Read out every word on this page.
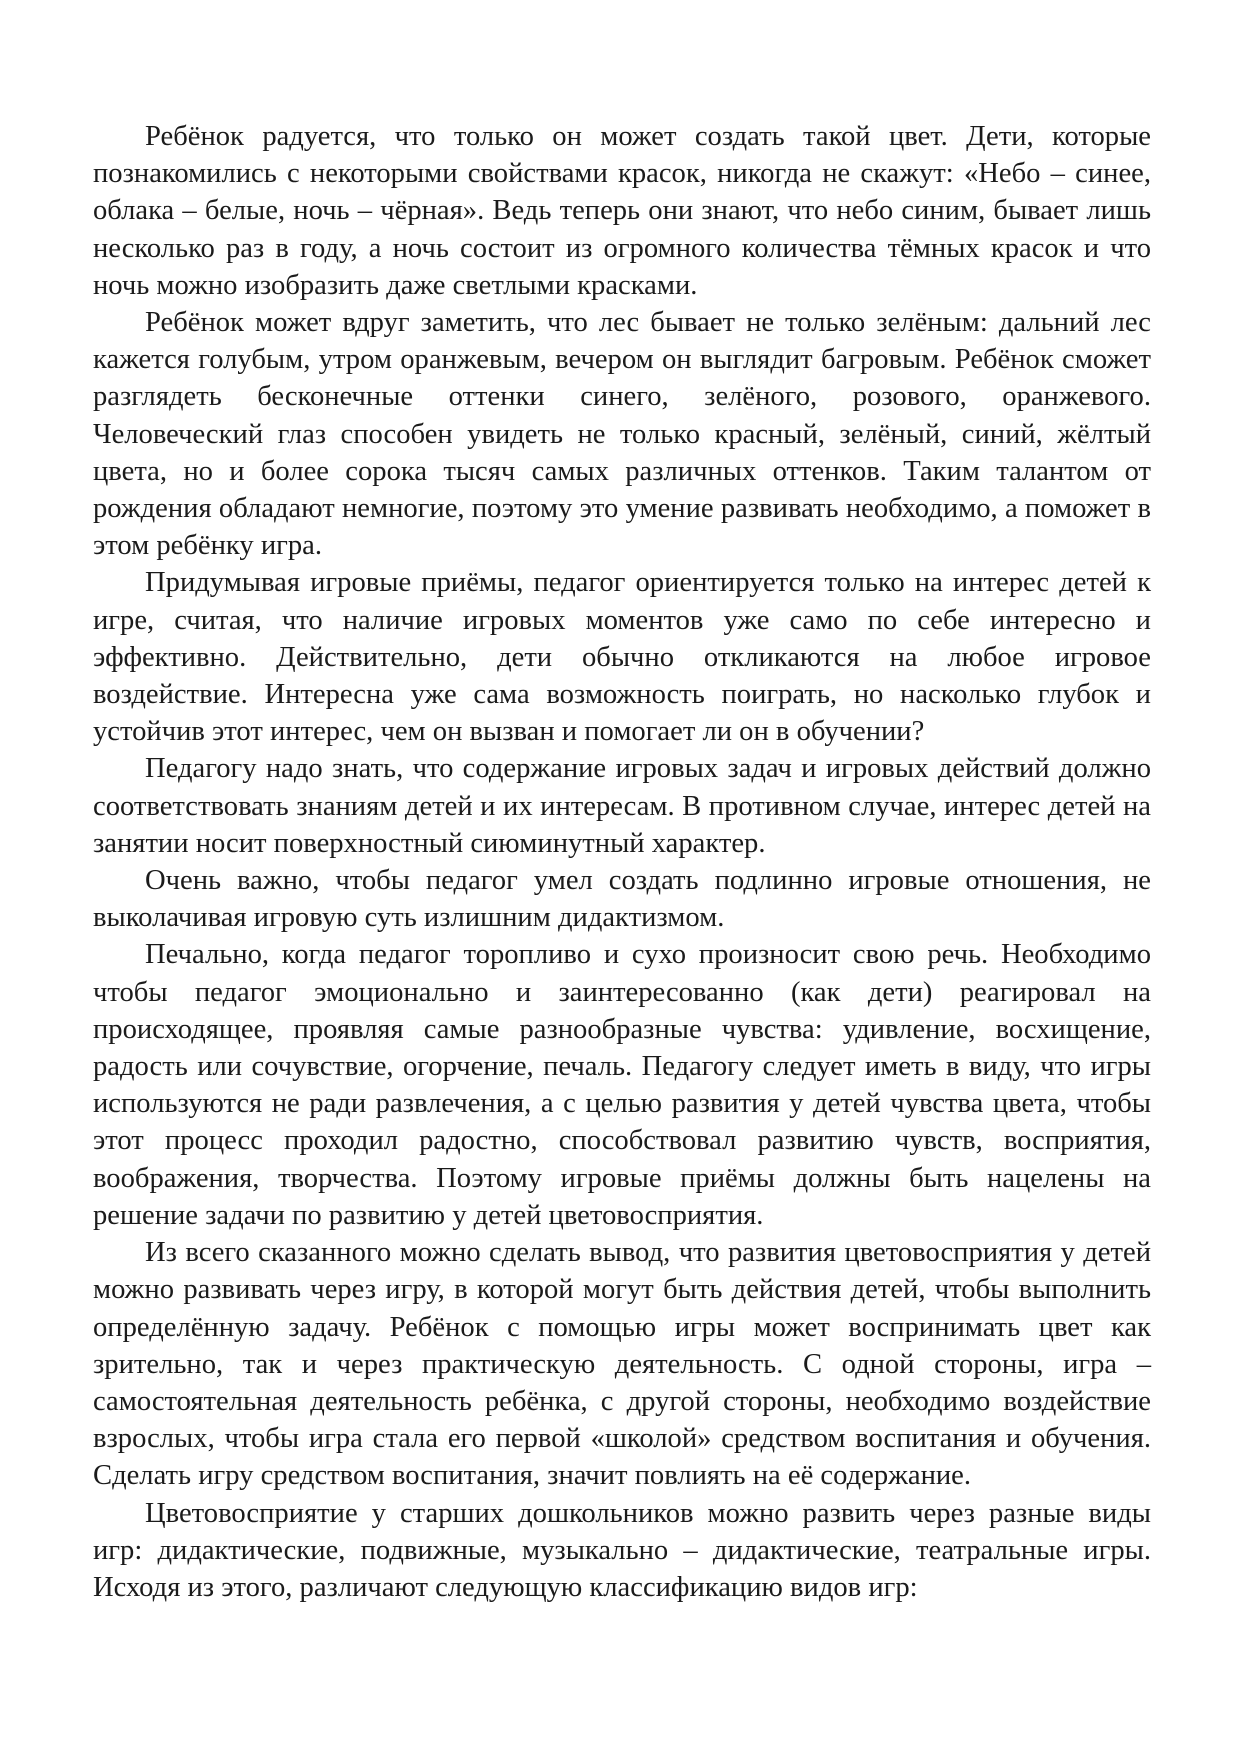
Ребёнок радуется, что только он может создать такой цвет. Дети, которые познакомились с некоторыми свойствами красок, никогда не скажут: «Небо – синее, облака – белые, ночь – чёрная». Ведь теперь они знают, что небо синим, бывает лишь несколько раз в году, а ночь состоит из огромного количества тёмных красок и что ночь можно изобразить даже светлыми красками.

Ребёнок может вдруг заметить, что лес бывает не только зелёным: дальний лес кажется голубым, утром оранжевым, вечером он выглядит багровым. Ребёнок сможет разглядеть бесконечные оттенки синего, зелёного, розового, оранжевого. Человеческий глаз способен увидеть не только красный, зелёный, синий, жёлтый цвета, но и более сорока тысяч самых различных оттенков. Таким талантом от рождения обладают немногие, поэтому это умение развивать необходимо, а поможет в этом ребёнку игра.

Придумывая игровые приёмы, педагог ориентируется только на интерес детей к игре, считая, что наличие игровых моментов уже само по себе интересно и эффективно. Действительно, дети обычно откликаются на любое игровое воздействие. Интересна уже сама возможность поиграть, но насколько глубок и устойчив этот интерес, чем он вызван и помогает ли он в обучении?

Педагогу надо знать, что содержание игровых задач и игровых действий должно соответствовать знаниям детей и их интересам. В противном случае, интерес детей на занятии носит поверхностный сиюминутный характер.

Очень важно, чтобы педагог умел создать подлинно игровые отношения, не выколачивая игровую суть излишним дидактизмом.

Печально, когда педагог торопливо и сухо произносит свою речь. Необходимо чтобы педагог эмоционально и заинтересованно (как дети) реагировал на происходящее, проявляя самые разнообразные чувства: удивление, восхищение, радость или сочувствие, огорчение, печаль. Педагогу следует иметь в виду, что игры используются не ради развлечения, а с целью развития у детей чувства цвета, чтобы этот процесс проходил радостно, способствовал развитию чувств, восприятия, воображения, творчества. Поэтому игровые приёмы должны быть нацелены на решение задачи по развитию у детей цветовосприятия.

Из всего сказанного можно сделать вывод, что развития цветовосприятия у детей можно развивать через игру, в которой могут быть действия детей, чтобы выполнить определённую задачу. Ребёнок с помощью игры может воспринимать цвет как зрительно, так и через практическую деятельность. С одной стороны, игра – самостоятельная деятельность ребёнка, с другой стороны, необходимо воздействие взрослых, чтобы игра стала его первой «школой» средством воспитания и обучения. Сделать игру средством воспитания, значит повлиять на её содержание.

Цветовосприятие у старших дошкольников можно развить через разные виды игр: дидактические, подвижные, музыкально – дидактические, театральные игры. Исходя из этого, различают следующую классификацию видов игр:
